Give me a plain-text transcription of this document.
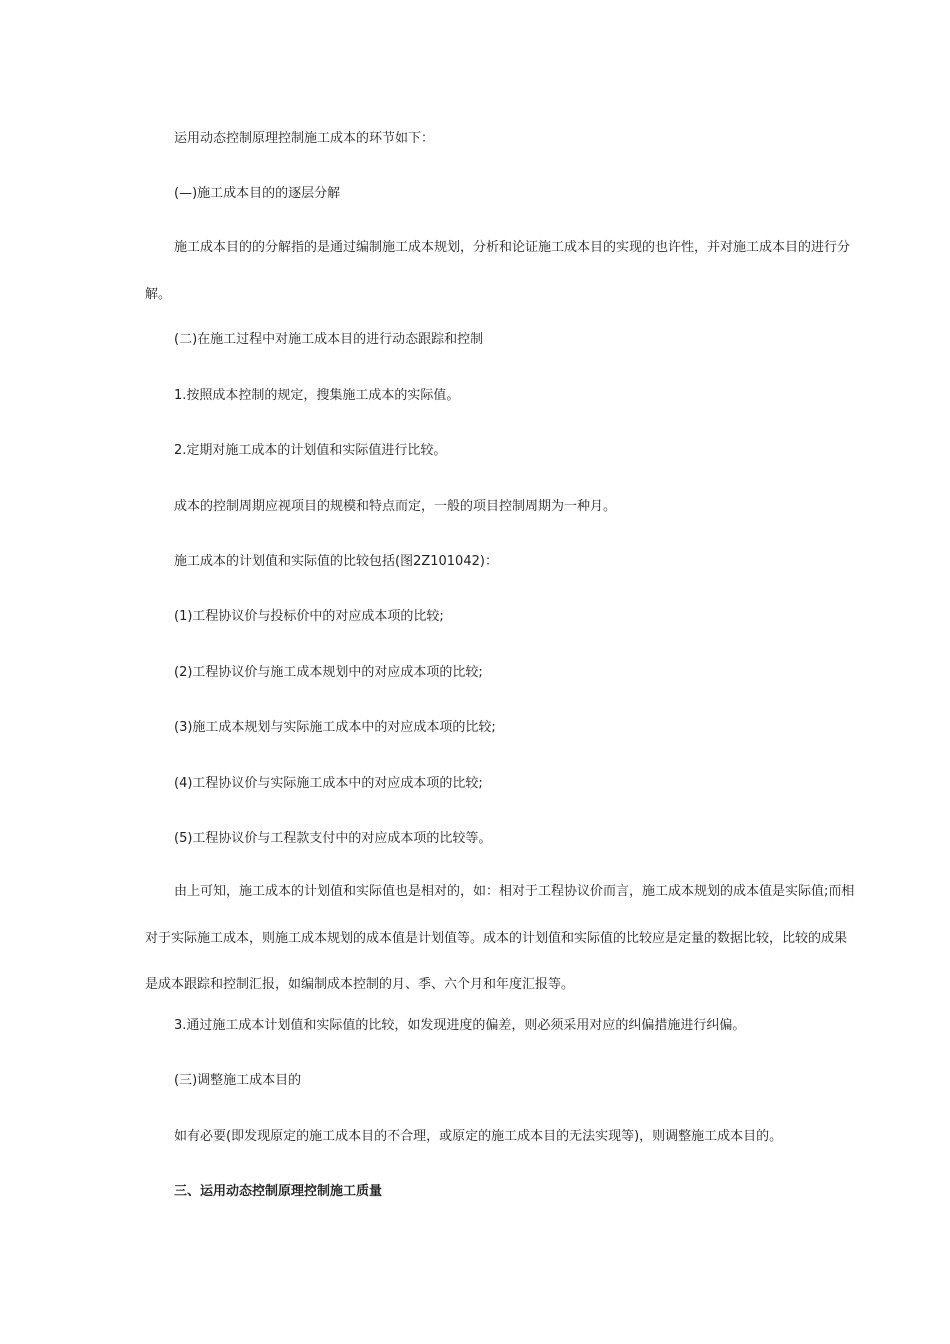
运用动态控制原理控制施工成本的环节如下：

(—)施工成本目的的逐层分解

施工成本目的的分解指的是通过编制施工成本规划，分析和论证施工成本目的实现的也许性，并对施工成本目的进行分解。

(二)在施工过程中对施工成本目的进行动态跟踪和控制

1.按照成本控制的规定，搜集施工成本的实际值。

2.定期对施工成本的计划值和实际值进行比较。

成本的控制周期应视项目的规模和特点而定，一般的项目控制周期为一种月。

施工成本的计划值和实际值的比较包括(图2Z101042)：

(1)工程协议价与投标价中的对应成本项的比较;

(2)工程协议价与施工成本规划中的对应成本项的比较;

(3)施工成本规划与实际施工成本中的对应成本项的比较;

(4)工程协议价与实际施工成本中的对应成本项的比较;

(5)工程协议价与工程款支付中的对应成本项的比较等。

由上可知，施工成本的计划值和实际值也是相对的，如：相对于工程协议价而言，施工成本规划的成本值是实际值;而相对于实际施工成本，则施工成本规划的成本值是计划值等。成本的计划值和实际值的比较应是定量的数据比较，比较的成果是成本跟踪和控制汇报，如编制成本控制的月、季、六个月和年度汇报等。

3.通过施工成本计划值和实际值的比较，如发现进度的偏差，则必须采用对应的纠偏措施进行纠偏。

(三)调整施工成本目的

如有必要(即发现原定的施工成本目的不合理，或原定的施工成本目的无法实现等)，则调整施工成本目的。

三、运用动态控制原理控制施工质量
